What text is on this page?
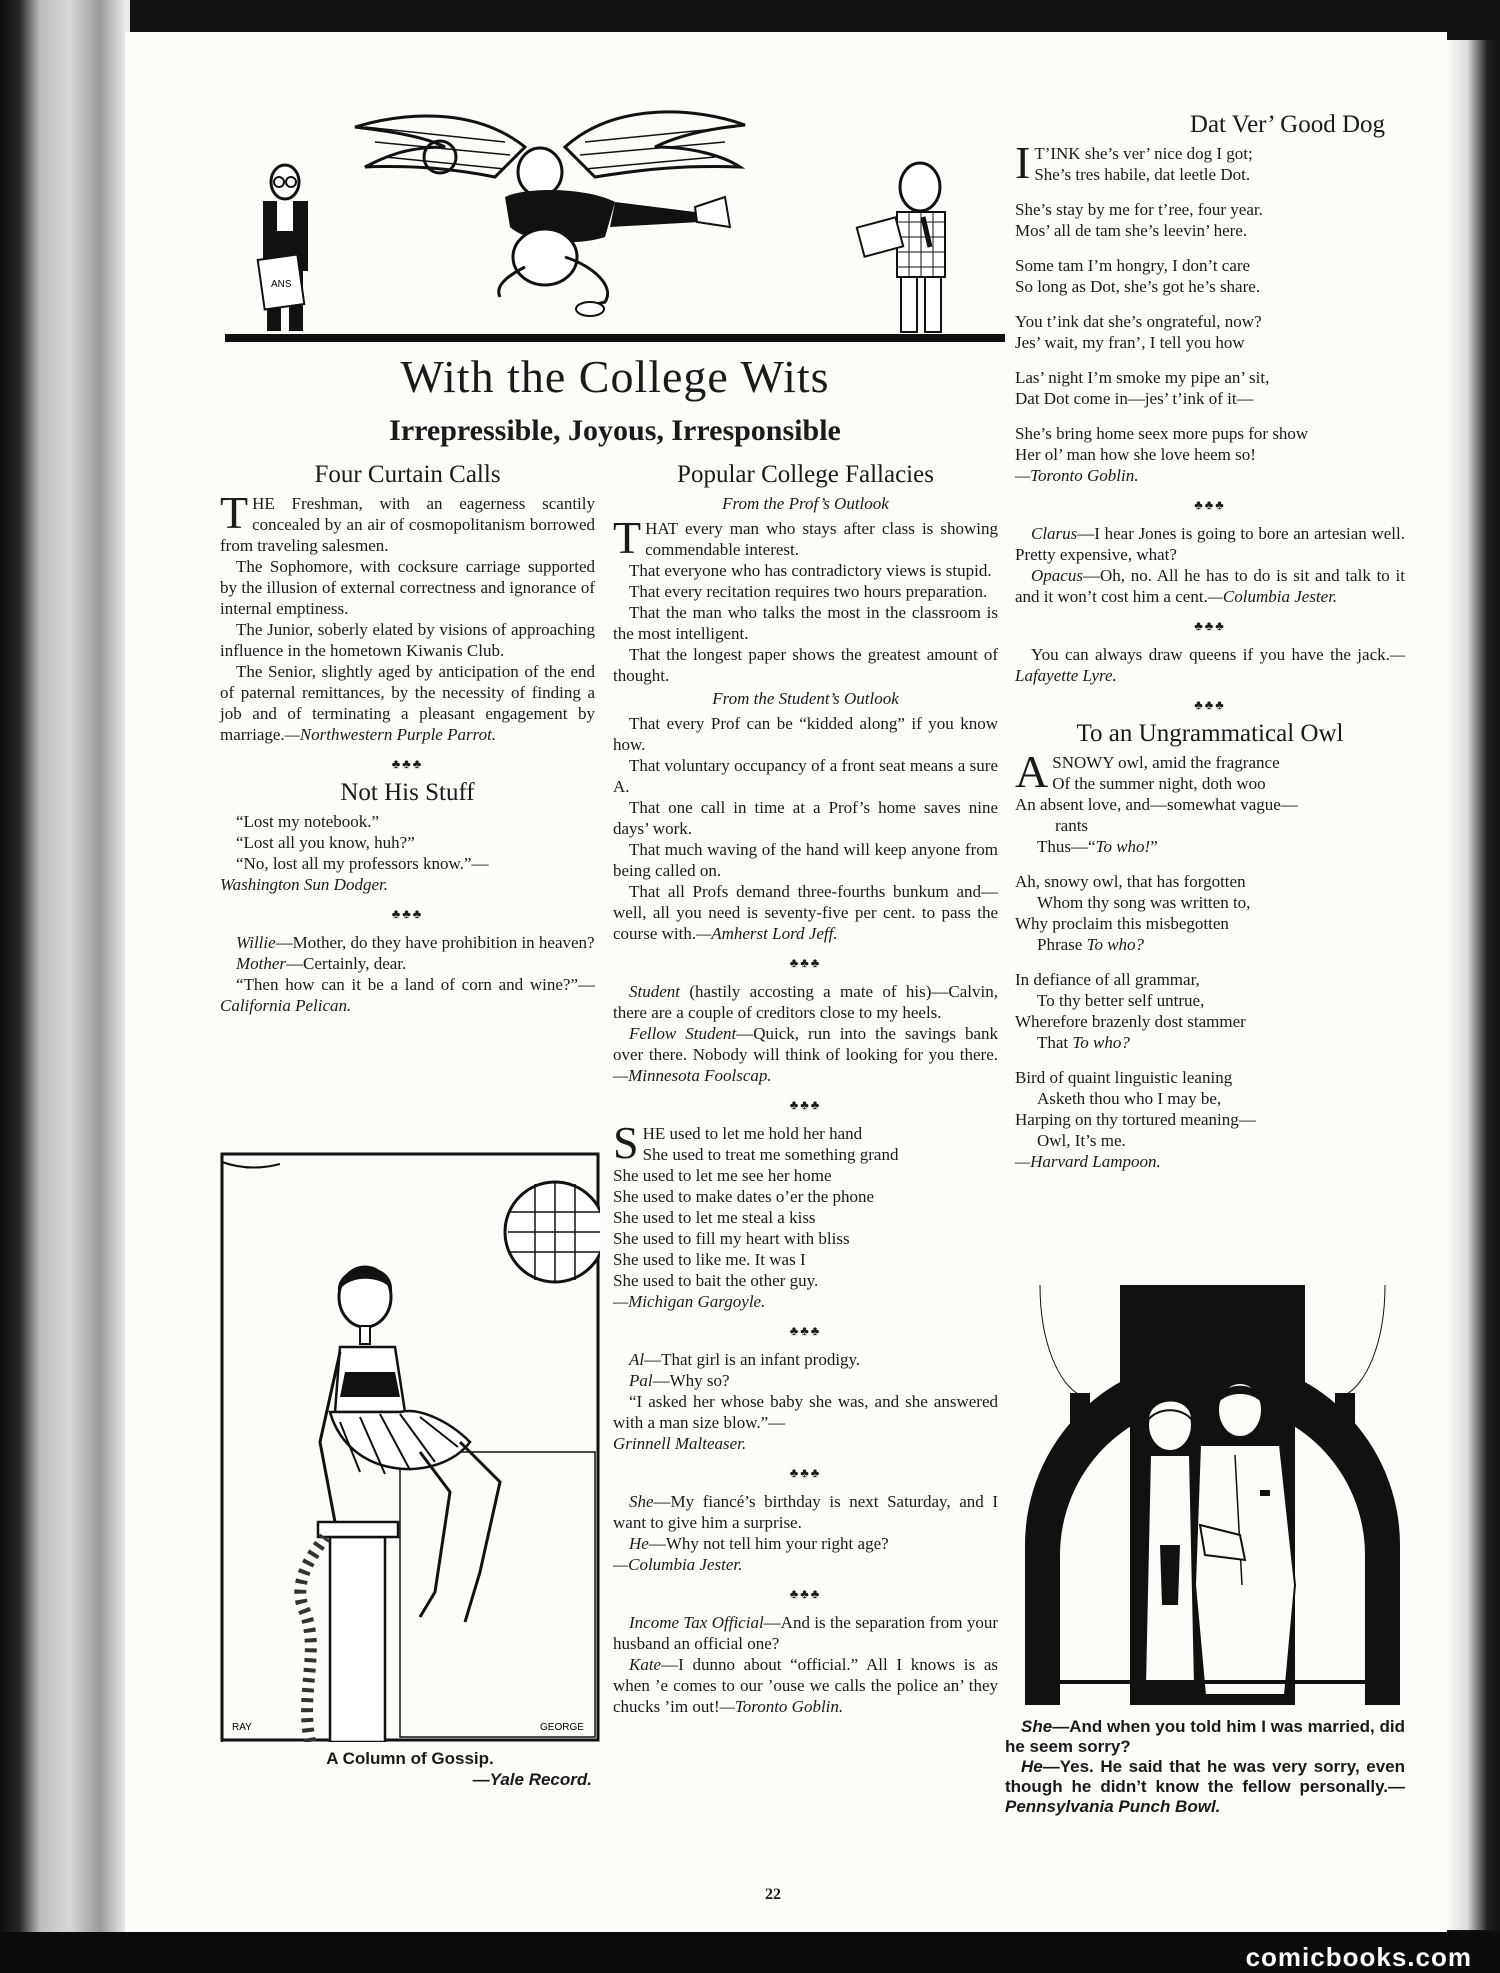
comicbooks.com
ANS
With the College Wits
Irrepressible, Joyous, Irresponsible
Four Curtain Calls

THE Freshman, with an eagerness scantily concealed by an air of cosmopolitanism borrowed from traveling salesmen.

The Sophomore, with cocksure carriage supported by the illusion of external correctness and ignorance of internal emptiness.

The Junior, soberly elated by visions of approaching influence in the hometown Kiwanis Club.

The Senior, slightly aged by anticipation of the end of paternal remittances, by the necessity of finding a job and of terminating a pleasant engagement by marriage.—Northwestern Purple Parrot.

♣♣♣
Not His Stuff

“Lost my notebook.”

“Lost all you know, huh?”

“No, lost all my professors know.”—

Washington Sun Dodger.

♣♣♣

Willie—Mother, do they have prohibition in heaven?

Mother—Certainly, dear.

“Then how can it be a land of corn and wine?”—California Pelican.

RAY	GEORGE
A Column of Gossip.
—Yale Record.
Popular College Fallacies
From the Prof’s Outlook

THAT every man who stays after class is showing commendable interest.

That everyone who has contradictory views is stupid.

That every recitation requires two hours preparation.

That the man who talks the most in the classroom is the most intelligent.

That the longest paper shows the greatest amount of thought.

From the Student’s Outlook

That every Prof can be “kidded along” if you know how.

That voluntary occupancy of a front seat means a sure A.

That one call in time at a Prof’s home saves nine days’ work.

That much waving of the hand will keep anyone from being called on.

That all Profs demand three-fourths bunkum and—well, all you need is seventy-five per cent. to pass the course with.—Amherst Lord Jeff.

♣♣♣

Student (hastily accosting a mate of his)—Calvin, there are a couple of creditors close to my heels.

Fellow Student—Quick, run into the savings bank over there. Nobody will think of looking for you there.—Minnesota Foolscap.

♣♣♣

SHE used to let me hold her hand

She used to treat me something grand

She used to let me see her home

She used to make dates o’er the phone

She used to let me steal a kiss

She used to fill my heart with bliss

She used to like me. It was I

She used to bait the other guy.

—Michigan Gargoyle.

♣♣♣

Al—That girl is an infant prodigy.

Pal—Why so?

“I asked her whose baby she was, and she answered with a man size blow.”—

Grinnell Malteaser.

♣♣♣

She—My fiancé’s birthday is next Saturday, and I want to give him a surprise.

He—Why not tell him your right age?

—Columbia Jester.

♣♣♣

Income Tax Official—And is the separation from your husband an official one?

Kate—I dunno about “official.” All I knows is as when ’e comes to our ’ouse we calls the police an’ they chucks ’im out!—Toronto Goblin.

Dat Ver’ Good Dog

I T’INK she’s ver’ nice dog I got;

She’s tres habile, dat leetle Dot.

She’s stay by me for t’ree, four year.

Mos’ all de tam she’s leevin’ here.

Some tam I’m hongry, I don’t care

So long as Dot, she’s got he’s share.

You t’ink dat she’s ongrateful, now?

Jes’ wait, my fran’, I tell you how

Las’ night I’m smoke my pipe an’ sit,

Dat Dot come in—jes’ t’ink of it—

She’s bring home seex more pups for show

Her ol’ man how she love heem so!

—Toronto Goblin.

♣♣♣

Clarus—I hear Jones is going to bore an artesian well. Pretty expensive, what?

Opacus—Oh, no. All he has to do is sit and talk to it and it won’t cost him a cent.—Columbia Jester.

♣♣♣

You can always draw queens if you have the jack.—Lafayette Lyre.

♣♣♣
To an Ungrammatical Owl

A SNOWY owl, amid the fragrance

Of the summer night, doth woo

An absent love, and—somewhat vague—

rants

Thus—“To who!”

Ah, snowy owl, that has forgotten

Whom thy song was written to,

Why proclaim this misbegotten

Phrase To who?

In defiance of all grammar,

To thy better self untrue,

Wherefore brazenly dost stammer

That To who?

Bird of quaint linguistic leaning

Asketh thou who I may be,

Harping on thy tortured meaning—

Owl, It’s me.

—Harvard Lampoon.

She—And when you told him I was married, did he seem sorry?

He—Yes. He said that he was very sorry, even though he didn’t know the fellow personally.—Pennsylvania Punch Bowl.

22
